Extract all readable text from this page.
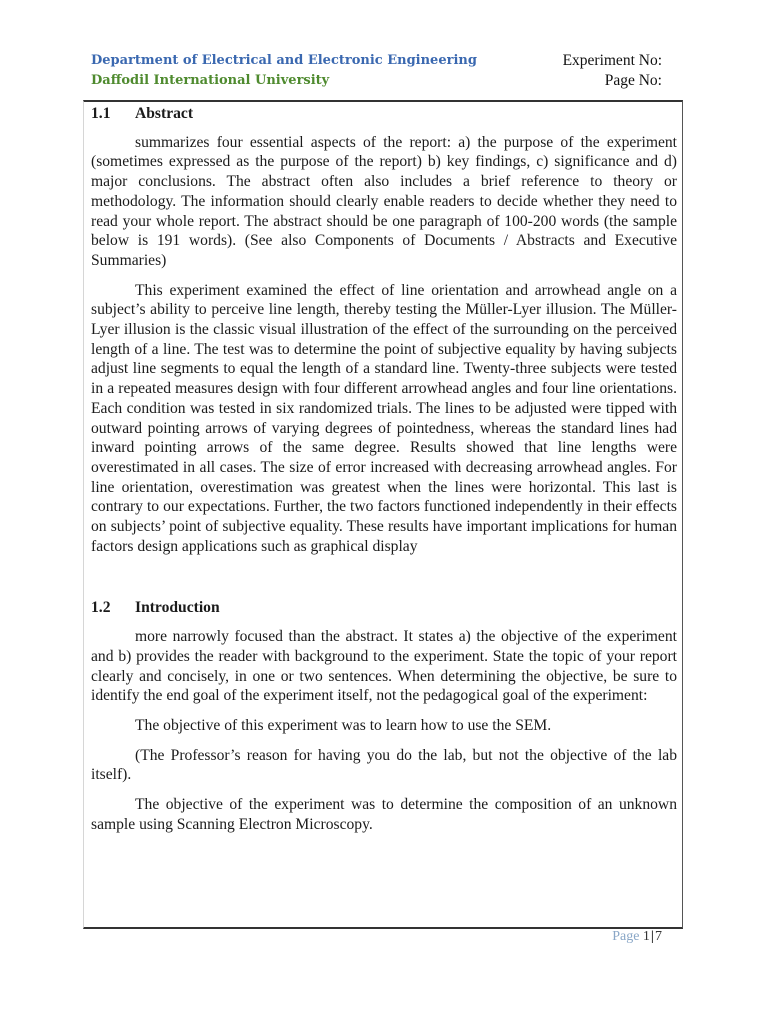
Department of Electrical and Electronic Engineering
Daffodil International University
Experiment No:
Page No:
1.1 Abstract

summarizes four essential aspects of the report: a) the purpose of the experiment (sometimes expressed as the purpose of the report) b) key findings, c) significance and d) major conclusions. The abstract often also includes a brief reference to theory or methodology. The information should clearly enable readers to decide whether they need to read your whole report. The abstract should be one paragraph of 100-200 words (the sample below is 191 words). (See also Components of Documents / Abstracts and Executive Summaries)

This experiment examined the effect of line orientation and arrowhead angle on a subject’s ability to perceive line length, thereby testing the Müller-Lyer illusion. The Müller-Lyer illusion is the classic visual illustration of the effect of the surrounding on the perceived length of a line. The test was to determine the point of subjective equality by having subjects adjust line segments to equal the length of a standard line. Twenty-three subjects were tested in a repeated measures design with four different arrowhead angles and four line orientations. Each condition was tested in six randomized trials. The lines to be adjusted were tipped with outward pointing arrows of varying degrees of pointedness, whereas the standard lines had inward pointing arrows of the same degree. Results showed that line lengths were overestimated in all cases. The size of error increased with decreasing arrowhead angles. For line orientation, overestimation was greatest when the lines were horizontal. This last is contrary to our expectations. Further, the two factors functioned independently in their effects on subjects’ point of subjective equality. These results have important implications for human factors design applications such as graphical display

1.2 Introduction

more narrowly focused than the abstract. It states a) the objective of the experiment and b) provides the reader with background to the experiment. State the topic of your report clearly and concisely, in one or two sentences. When determining the objective, be sure to identify the end goal of the experiment itself, not the pedagogical goal of the experiment:

The objective of this experiment was to learn how to use the SEM.

(The Professor’s reason for having you do the lab, but not the objective of the lab itself).

The objective of the experiment was to determine the composition of an unknown sample using Scanning Electron Microscopy.

Page 1|7
